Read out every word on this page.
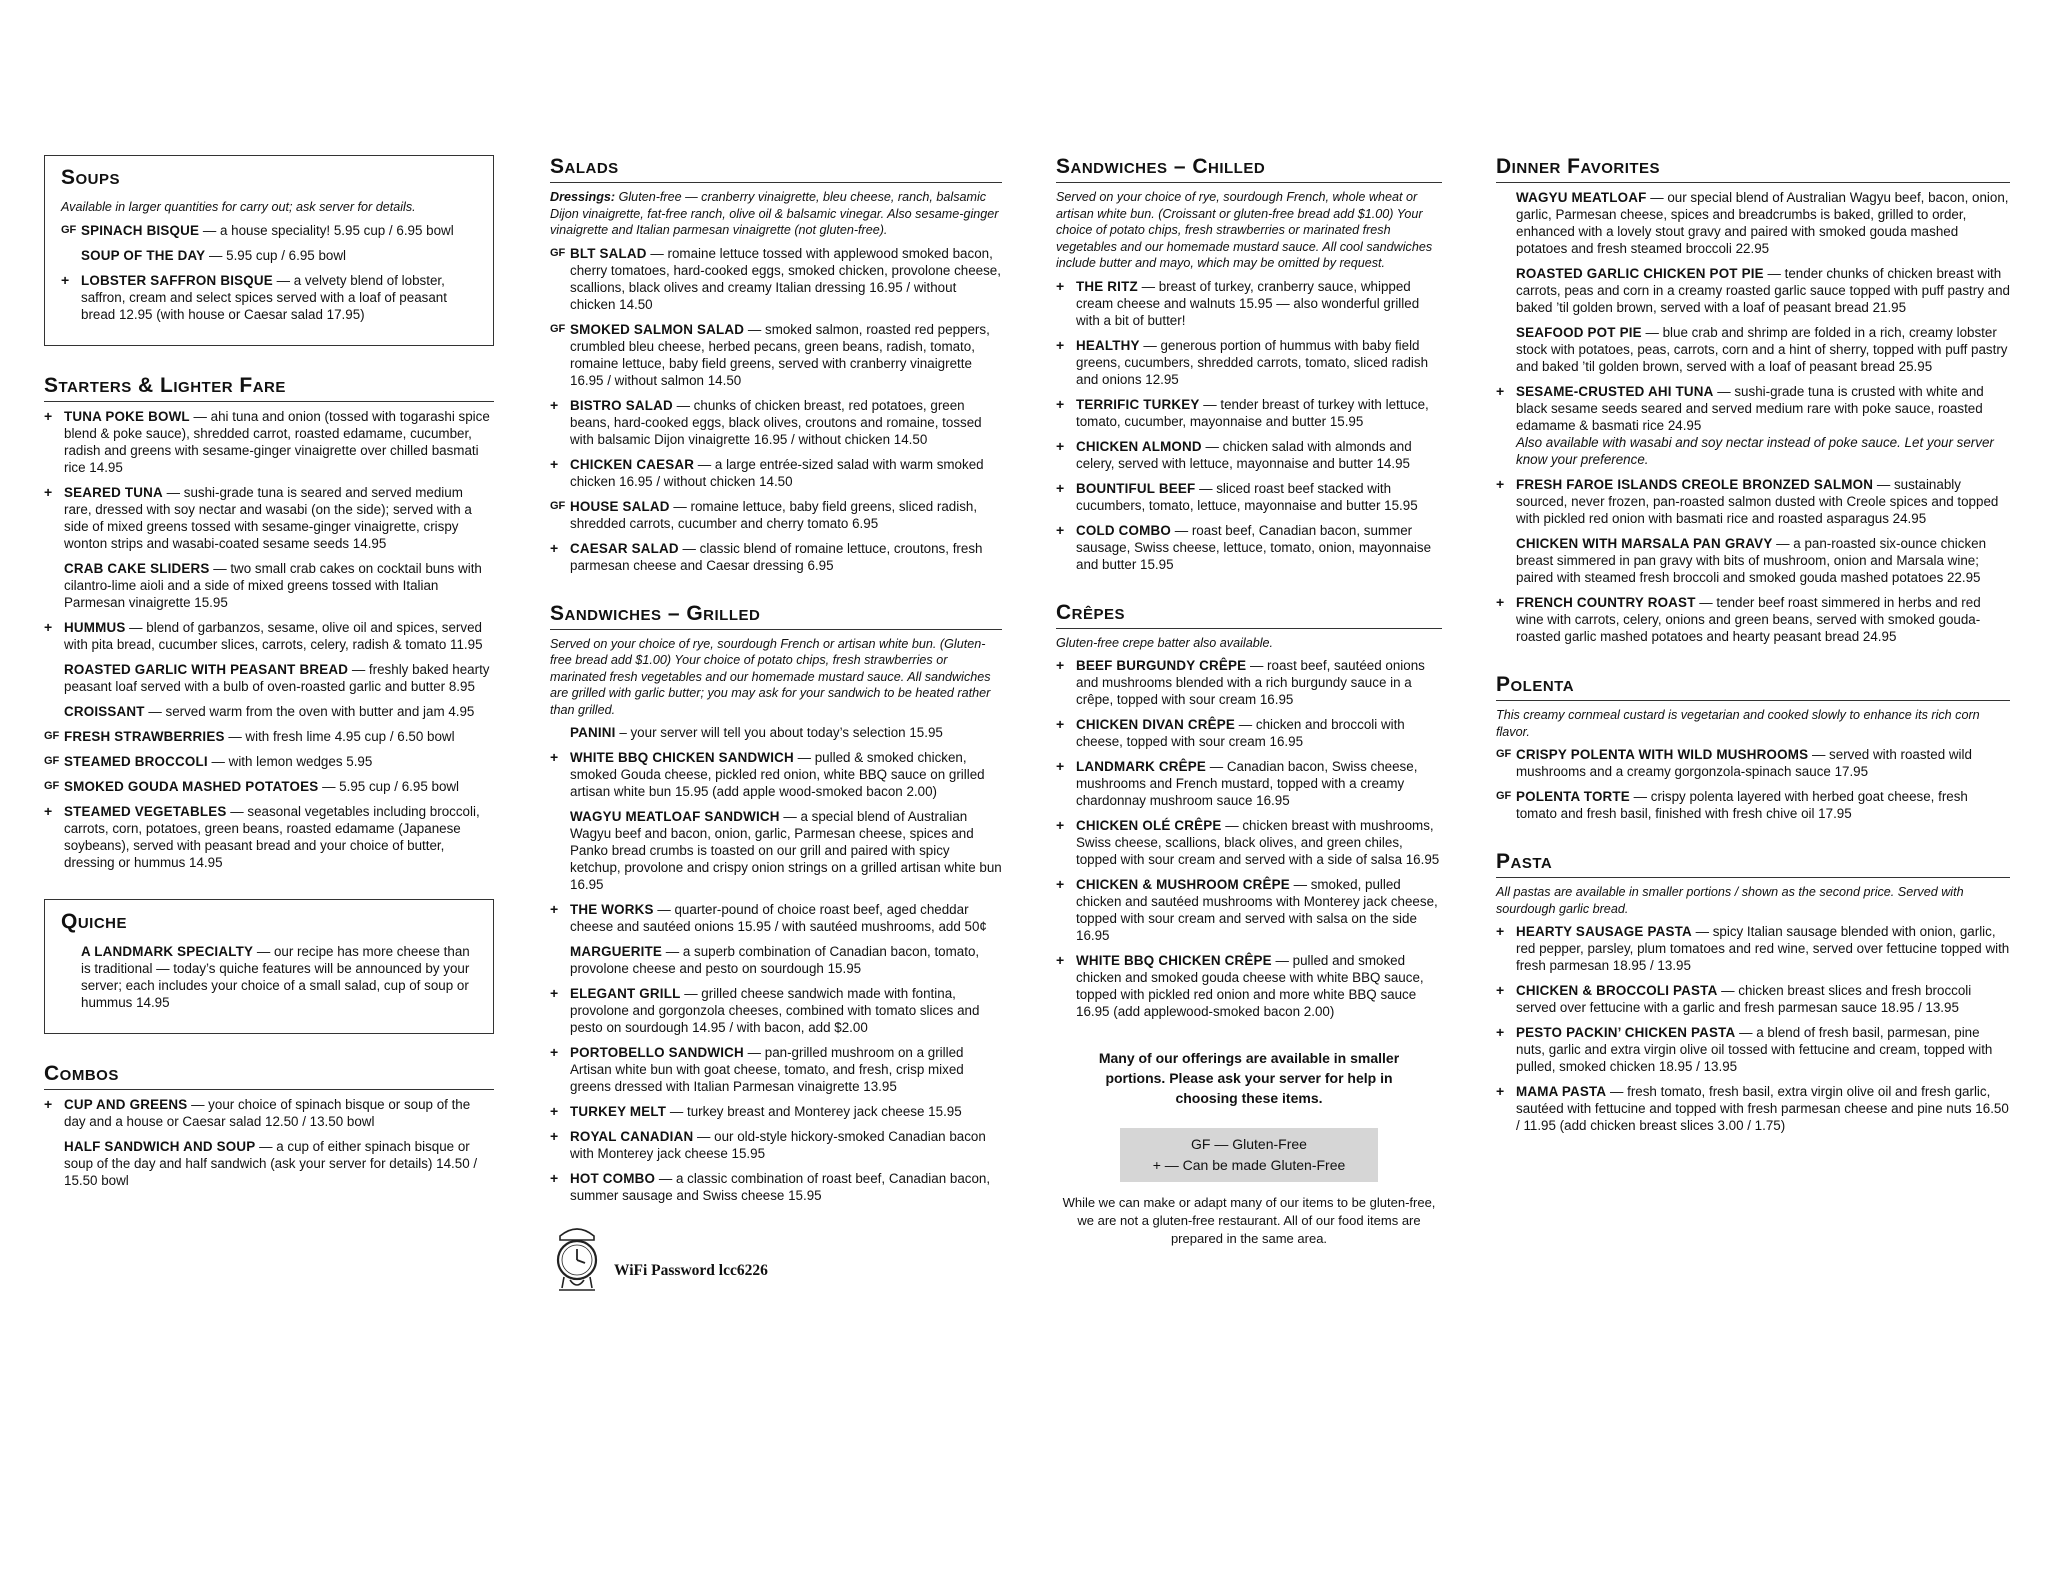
Soups

Available in larger quantities for carry out; ask server for details.

GF SPINACH BISQUE — a house speciality! 5.95 cup / 6.95 bowl
SOUP OF THE DAY — 5.95 cup / 6.95 bowl
+ LOBSTER SAFFRON BISQUE — a velvety blend of lobster, saffron, cream and select spices served with a loaf of peasant bread 12.95 (with house or Caesar salad 17.95)
Starters & Lighter Fare
+ TUNA POKE BOWL — ahi tuna and onion (tossed with togarashi spice blend & poke sauce), shredded carrot, roasted edamame, cucumber, radish and greens with sesame-ginger vinaigrette over chilled basmati rice 14.95
+ SEARED TUNA — sushi-grade tuna is seared and served medium rare, dressed with soy nectar and wasabi (on the side); served with a side of mixed greens tossed with sesame-ginger vinaigrette, crispy wonton strips and wasabi-coated sesame seeds 14.95
CRAB CAKE SLIDERS — two small crab cakes on cocktail buns with cilantro-lime aioli and a side of mixed greens tossed with Italian Parmesan vinaigrette 15.95
+ HUMMUS — blend of garbanzos, sesame, olive oil and spices, served with pita bread, cucumber slices, carrots, celery, radish & tomato 11.95
ROASTED GARLIC WITH PEASANT BREAD — freshly baked hearty peasant loaf served with a bulb of oven-roasted garlic and butter 8.95
CROISSANT — served warm from the oven with butter and jam 4.95
GF FRESH STRAWBERRIES — with fresh lime 4.95 cup / 6.50 bowl
GF STEAMED BROCCOLI — with lemon wedges 5.95
GF SMOKED GOUDA MASHED POTATOES — 5.95 cup / 6.95 bowl
+ STEAMED VEGETABLES — seasonal vegetables including broccoli, carrots, corn, potatoes, green beans, roasted edamame (Japanese soybeans), served with peasant bread and your choice of butter, dressing or hummus 14.95
Quiche
A LANDMARK SPECIALTY — our recipe has more cheese than is traditional — today’s quiche features will be announced by your server; each includes your choice of a small salad, cup of soup or hummus 14.95
Combos
+ CUP AND GREENS — your choice of spinach bisque or soup of the day and a house or Caesar salad 12.50 / 13.50 bowl
HALF SANDWICH AND SOUP — a cup of either spinach bisque or soup of the day and half sandwich (ask your server for details) 14.50 / 15.50 bowl
Salads

Dressings: Gluten-free — cranberry vinaigrette, bleu cheese, ranch, balsamic Dijon vinaigrette, fat-free ranch, olive oil & balsamic vinegar. Also sesame-ginger vinaigrette and Italian parmesan vinaigrette (not gluten-free).

GF BLT SALAD — romaine lettuce tossed with applewood smoked bacon, cherry tomatoes, hard-cooked eggs, smoked chicken, provolone cheese, scallions, black olives and creamy Italian dressing 16.95 / without chicken 14.50
GF SMOKED SALMON SALAD — smoked salmon, roasted red peppers, crumbled bleu cheese, herbed pecans, green beans, radish, tomato, romaine lettuce, baby field greens, served with cranberry vinaigrette 16.95 / without salmon 14.50
+ BISTRO SALAD — chunks of chicken breast, red potatoes, green beans, hard-cooked eggs, black olives, croutons and romaine, tossed with balsamic Dijon vinaigrette 16.95 / without chicken 14.50
+ CHICKEN CAESAR — a large entrée-sized salad with warm smoked chicken 16.95 / without chicken 14.50
GF HOUSE SALAD — romaine lettuce, baby field greens, sliced radish, shredded carrots, cucumber and cherry tomato 6.95
+ CAESAR SALAD — classic blend of romaine lettuce, croutons, fresh parmesan cheese and Caesar dressing 6.95
Sandwiches – Grilled

Served on your choice of rye, sourdough French or artisan white bun. (Gluten-free bread add $1.00) Your choice of potato chips, fresh strawberries or marinated fresh vegetables and our homemade mustard sauce. All sandwiches are grilled with garlic butter; you may ask for your sandwich to be heated rather than grilled.

PANINI – your server will tell you about today’s selection 15.95
+ WHITE BBQ CHICKEN SANDWICH — pulled & smoked chicken, smoked Gouda cheese, pickled red onion, white BBQ sauce on grilled artisan white bun 15.95 (add apple wood-smoked bacon 2.00)
WAGYU MEATLOAF SANDWICH — a special blend of Australian Wagyu beef and bacon, onion, garlic, Parmesan cheese, spices and Panko bread crumbs is toasted on our grill and paired with spicy ketchup, provolone and crispy onion strings on a grilled artisan white bun 16.95
+ THE WORKS — quarter-pound of choice roast beef, aged cheddar cheese and sautéed onions 15.95 / with sautéed mushrooms, add 50¢
MARGUERITE — a superb combination of Canadian bacon, tomato, provolone cheese and pesto on sourdough 15.95
+ ELEGANT GRILL — grilled cheese sandwich made with fontina, provolone and gorgonzola cheeses, combined with tomato slices and pesto on sourdough 14.95 / with bacon, add $2.00
+ PORTOBELLO SANDWICH — pan-grilled mushroom on a grilled Artisan white bun with goat cheese, tomato, and fresh, crisp mixed greens dressed with Italian Parmesan vinaigrette 13.95
+ TURKEY MELT — turkey breast and Monterey jack cheese 15.95
+ ROYAL CANADIAN — our old-style hickory-smoked Canadian bacon with Monterey jack cheese 15.95
+ HOT COMBO — a classic combination of roast beef, Canadian bacon, summer sausage and Swiss cheese 15.95
WiFi Password lcc6226
Sandwiches – Chilled

Served on your choice of rye, sourdough French, whole wheat or artisan white bun. (Croissant or gluten-free bread add $1.00) Your choice of potato chips, fresh strawberries or marinated fresh vegetables and our homemade mustard sauce. All cool sandwiches include butter and mayo, which may be omitted by request.

+ THE RITZ — breast of turkey, cranberry sauce, whipped cream cheese and walnuts 15.95 — also wonderful grilled with a bit of butter!
+ HEALTHY — generous portion of hummus with baby field greens, cucumbers, shredded carrots, tomato, sliced radish and onions 12.95
+ TERRIFIC TURKEY — tender breast of turkey with lettuce, tomato, cucumber, mayonnaise and butter 15.95
+ CHICKEN ALMOND — chicken salad with almonds and celery, served with lettuce, mayonnaise and butter 14.95
+ BOUNTIFUL BEEF — sliced roast beef stacked with cucumbers, tomato, lettuce, mayonnaise and butter 15.95
+ COLD COMBO — roast beef, Canadian bacon, summer sausage, Swiss cheese, lettuce, tomato, onion, mayonnaise and butter 15.95
Crêpes

Gluten-free crepe batter also available.

+ BEEF BURGUNDY CRÊPE — roast beef, sautéed onions and mushrooms blended with a rich burgundy sauce in a crêpe, topped with sour cream 16.95
+ CHICKEN DIVAN CRÊPE — chicken and broccoli with cheese, topped with sour cream 16.95
+ LANDMARK CRÊPE — Canadian bacon, Swiss cheese, mushrooms and French mustard, topped with a creamy chardonnay mushroom sauce 16.95
+ CHICKEN OLÉ CRÊPE — chicken breast with mushrooms, Swiss cheese, scallions, black olives, and green chiles, topped with sour cream and served with a side of salsa 16.95
+ CHICKEN & MUSHROOM CRÊPE — smoked, pulled chicken and sautéed mushrooms with Monterey jack cheese, topped with sour cream and served with salsa on the side 16.95
+ WHITE BBQ CHICKEN CRÊPE — pulled and smoked chicken and smoked gouda cheese with white BBQ sauce, topped with pickled red onion and more white BBQ sauce 16.95 (add applewood-smoked bacon 2.00)

Many of our offerings are available in smaller portions. Please ask your server for help in choosing these items.

GF — Gluten-Free
+ — Can be made Gluten-Free

While we can make or adapt many of our items to be gluten-free, we are not a gluten-free restaurant. All of our food items are prepared in the same area.

Dinner Favorites
WAGYU MEATLOAF — our special blend of Australian Wagyu beef, bacon, onion, garlic, Parmesan cheese, spices and breadcrumbs is baked, grilled to order, enhanced with a lovely stout gravy and paired with smoked gouda mashed potatoes and fresh steamed broccoli 22.95
ROASTED GARLIC CHICKEN POT PIE — tender chunks of chicken breast with carrots, peas and corn in a creamy roasted garlic sauce topped with puff pastry and baked ’til golden brown, served with a loaf of peasant bread 21.95
SEAFOOD POT PIE — blue crab and shrimp are folded in a rich, creamy lobster stock with potatoes, peas, carrots, corn and a hint of sherry, topped with puff pastry and baked ’til golden brown, served with a loaf of peasant bread 25.95
+ SESAME-CRUSTED AHI TUNA — sushi-grade tuna is crusted with white and black sesame seeds seared and served medium rare with poke sauce, roasted edamame & basmati rice 24.95
Also available with wasabi and soy nectar instead of poke sauce. Let your server know your preference.
+ FRESH FAROE ISLANDS CREOLE BRONZED SALMON — sustainably sourced, never frozen, pan-roasted salmon dusted with Creole spices and topped with pickled red onion with basmati rice and roasted asparagus 24.95
CHICKEN WITH MARSALA PAN GRAVY — a pan-roasted six-ounce chicken breast simmered in pan gravy with bits of mushroom, onion and Marsala wine; paired with steamed fresh broccoli and smoked gouda mashed potatoes 22.95
+ FRENCH COUNTRY ROAST — tender beef roast simmered in herbs and red wine with carrots, celery, onions and green beans, served with smoked gouda-roasted garlic mashed potatoes and hearty peasant bread 24.95
Polenta

This creamy cornmeal custard is vegetarian and cooked slowly to enhance its rich corn flavor.

GF CRISPY POLENTA WITH WILD MUSHROOMS — served with roasted wild mushrooms and a creamy gorgonzola-spinach sauce 17.95
GF POLENTA TORTE — crispy polenta layered with herbed goat cheese, fresh tomato and fresh basil, finished with fresh chive oil 17.95
Pasta

All pastas are available in smaller portions / shown as the second price. Served with sourdough garlic bread.

+ HEARTY SAUSAGE PASTA — spicy Italian sausage blended with onion, garlic, red pepper, parsley, plum tomatoes and red wine, served over fettucine topped with fresh parmesan 18.95 / 13.95
+ CHICKEN & BROCCOLI PASTA — chicken breast slices and fresh broccoli served over fettucine with a garlic and fresh parmesan sauce 18.95 / 13.95
+ PESTO PACKIN’ CHICKEN PASTA — a blend of fresh basil, parmesan, pine nuts, garlic and extra virgin olive oil tossed with fettucine and cream, topped with pulled, smoked chicken 18.95 / 13.95
+ MAMA PASTA — fresh tomato, fresh basil, extra virgin olive oil and fresh garlic, sautéed with fettucine and topped with fresh parmesan cheese and pine nuts 16.50 / 11.95 (add chicken breast slices 3.00 / 1.75)
